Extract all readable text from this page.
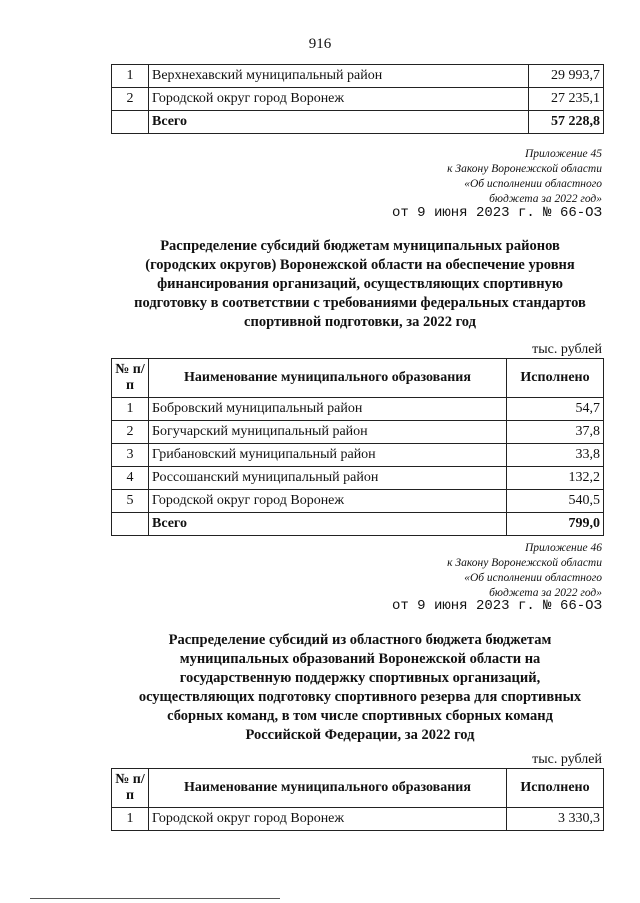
916
1	Верхнехавский муниципальный район	29 993,7
2	Городской округ город Воронеж	27 235,1
	Всего	57 228,8
Приложение 45
к Закону Воронежской области
«Об исполнении областного
бюджета за 2022 год»
от 9 июня 2023 г. № 66-ОЗ
Распределение субсидий бюджетам муниципальных районов
(городских округов) Воронежской области на обеспечение уровня
финансирования организаций, осуществляющих спортивную
подготовку в соответствии с требованиями федеральных стандартов
спортивной подготовки, за 2022 год
тыс. рублей
№ п/п	Наименование муниципального образования	Исполнено
1	Бобровский муниципальный район	54,7
2	Богучарский муниципальный район	37,8
3	Грибановский муниципальный район	33,8
4	Россошанский муниципальный район	132,2
5	Городской округ город Воронеж	540,5
	Всего	799,0
Приложение 46
к Закону Воронежской области
«Об исполнении областного
бюджета за 2022 год»
от 9 июня 2023 г. № 66-ОЗ
Распределение субсидий из областного бюджета бюджетам
муниципальных образований Воронежской области на
государственную поддержку спортивных организаций,
осуществляющих подготовку спортивного резерва для спортивных
сборных команд, в том числе спортивных сборных команд
Российской Федерации, за 2022 год
тыс. рублей
№ п/п	Наименование муниципального образования	Исполнено
1	Городской округ город Воронеж	3 330,3
